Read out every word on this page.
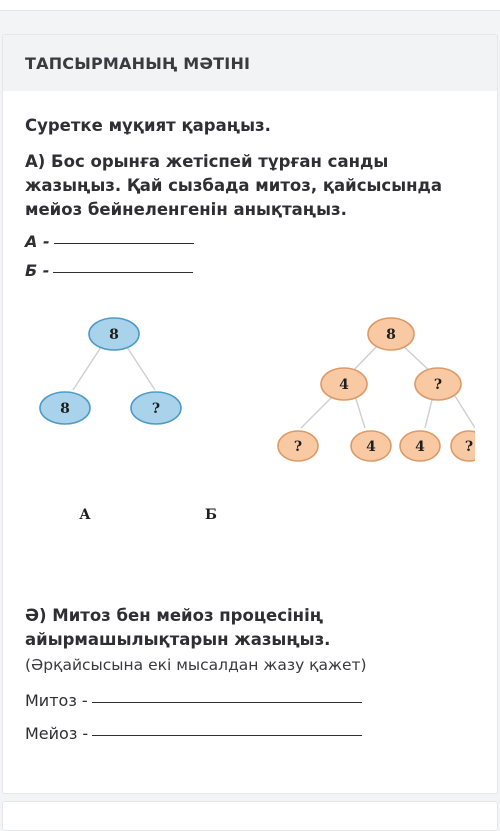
ТАПСЫРМАНЫҢ МӘТІНІ

Суретке мұқият қараңыз.

А) Бос орынға жетіспей тұрған санды жазыңыз. Қай сызбада митоз, қайсысында мейоз бейнеленгенін анықтаңыз.

А -
Б -
8
8	?
8
4	?
?	4	4	?
А	Б

Ә) Митоз бен мейоз процесінің айырмашылықтарын жазыңыз.

(Әрқайсысына екі мысалдан жазу қажет)

Митоз -
Мейоз -
